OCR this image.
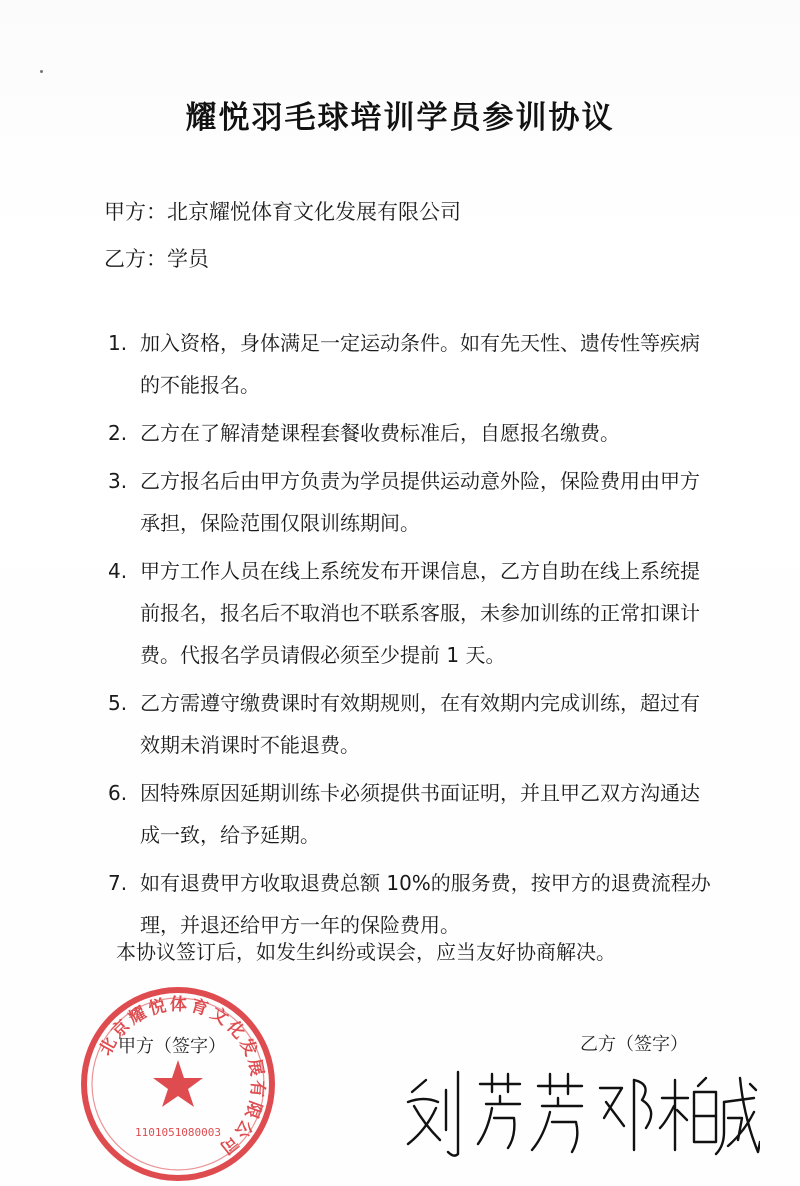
耀悦羽毛球培训学员参训协议
甲方：北京耀悦体育文化发展有限公司
乙方：学员
1. 加入资格，身体满足一定运动条件。如有先天性、遗传性等疾病的不能报名。
2. 乙方在了解清楚课程套餐收费标准后，自愿报名缴费。
3. 乙方报名后由甲方负责为学员提供运动意外险，保险费用由甲方承担，保险范围仅限训练期间。
4. 甲方工作人员在线上系统发布开课信息，乙方自助在线上系统提前报名，报名后不取消也不联系客服，未参加训练的正常扣课计费。代报名学员请假必须至少提前 1 天。
5. 乙方需遵守缴费课时有效期规则，在有效期内完成训练，超过有效期未消课时不能退费。
6. 因特殊原因延期训练卡必须提供书面证明，并且甲乙双方沟通达成一致，给予延期。
7. 如有退费甲方收取退费总额 10%的服务费，按甲方的退费流程办理，并退还给甲方一年的保险费用。
本协议签订后，如发生纠纷或误会，应当友好协商解决。
北京耀悦体育文化发展有限公司
1101051080003
甲方（签字）	乙方（签字）
